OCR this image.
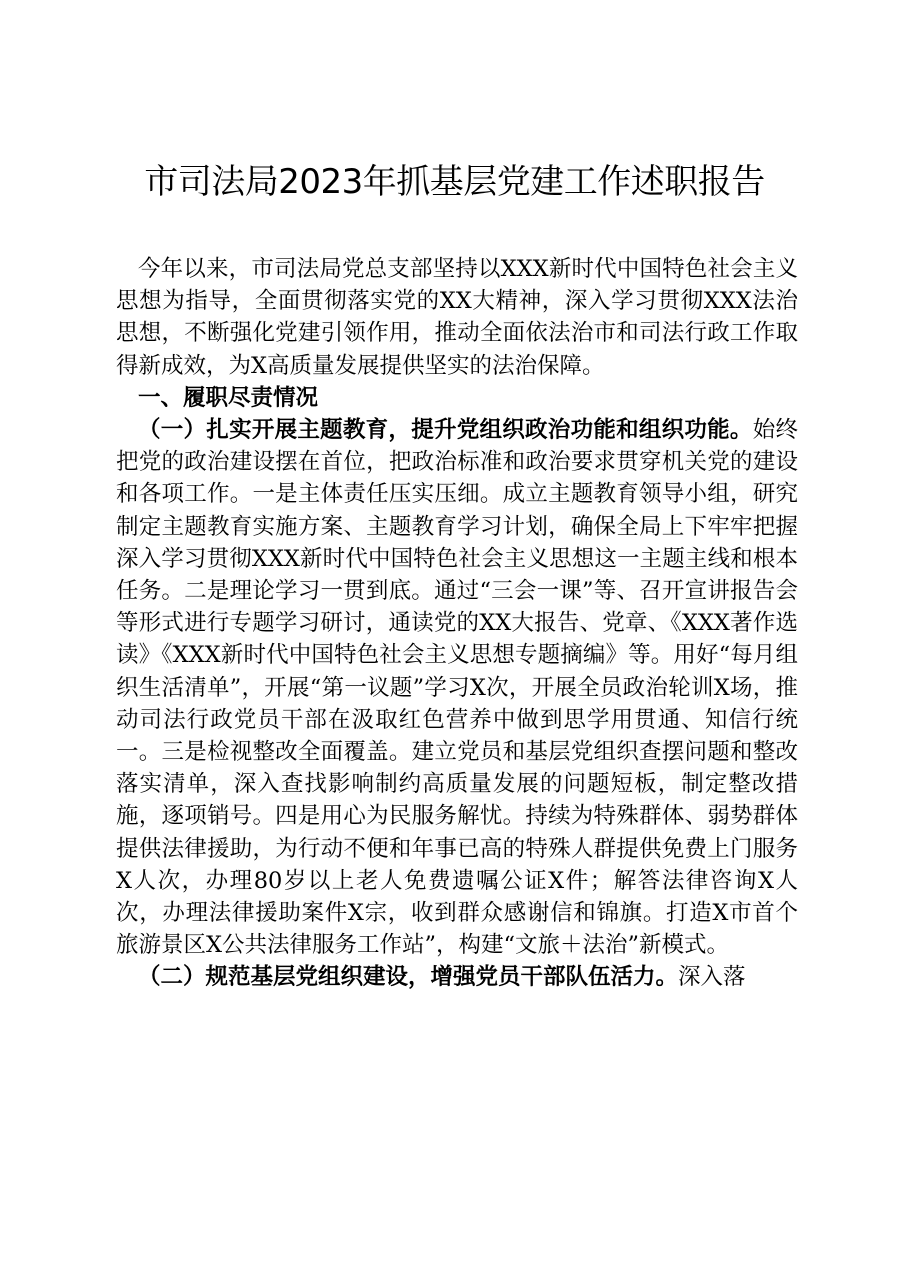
市司法局2023年抓基层党建工作述职报告

今年以来，市司法局党总支部坚持以XXX新时代中国特色社会主义思想为指导，全面贯彻落实党的XX大精神，深入学习贯彻XXX法治思想，不断强化党建引领作用，推动全面依法治市和司法行政工作取得新成效，为X高质量发展提供坚实的法治保障。

一、履职尽责情况

（一）扎实开展主题教育，提升党组织政治功能和组织功能。始终把党的政治建设摆在首位，把政治标准和政治要求贯穿机关党的建设和各项工作。一是主体责任压实压细。成立主题教育领导小组，研究制定主题教育实施方案、主题教育学习计划，确保全局上下牢牢把握深入学习贯彻XXX新时代中国特色社会主义思想这一主题主线和根本任务。二是理论学习一贯到底。通过“三会一课”等、召开宣讲报告会等形式进行专题学习研讨，通读党的XX大报告、党章、《XXX著作选读》《XXX新时代中国特色社会主义思想专题摘编》等。用好“每月组织生活清单”，开展“第一议题”学习X次，开展全员政治轮训X场，推动司法行政党员干部在汲取红色营养中做到思学用贯通、知信行统一。三是检视整改全面覆盖。建立党员和基层党组织查摆问题和整改落实清单，深入查找影响制约高质量发展的问题短板，制定整改措施，逐项销号。四是用心为民服务解忧。持续为特殊群体、弱势群体提供法律援助，为行动不便和年事已高的特殊人群提供免费上门服务X人次，办理80岁以上老人免费遗嘱公证X件；解答法律咨询X人次，办理法律援助案件X宗，收到群众感谢信和锦旗。打造X市首个旅游景区X公共法律服务工作站”，构建“文旅＋法治”新模式。

（二）规范基层党组织建设，增强党员干部队伍活力。深入落
